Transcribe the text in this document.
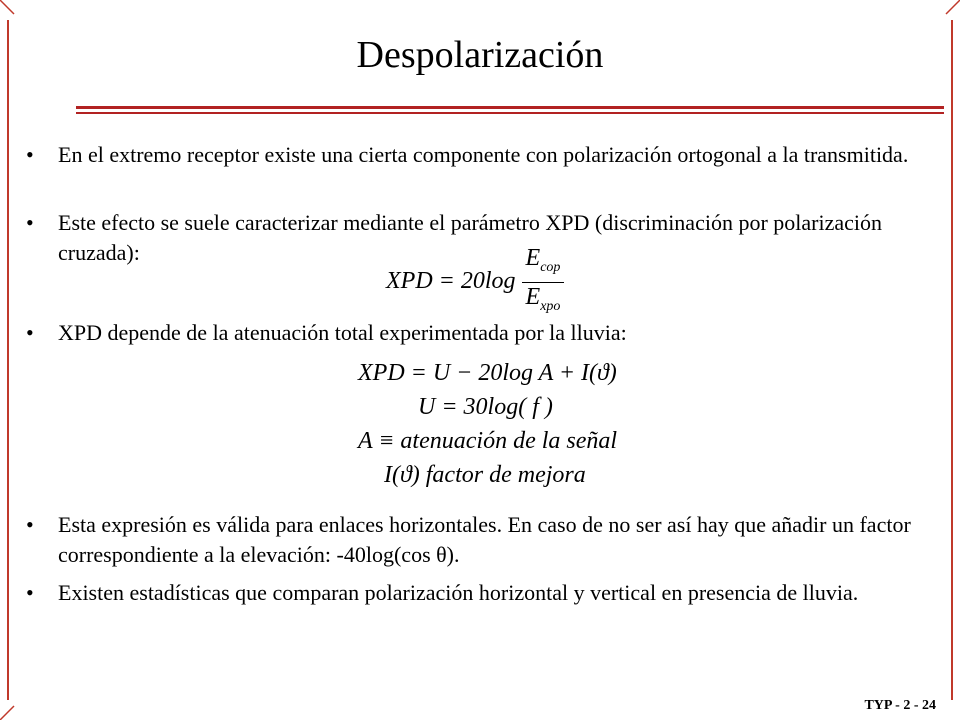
Despolarización
• En el extremo receptor existe una cierta componente con polarización ortogonal a la transmitida.
• Este efecto se suele caracterizar mediante el parámetro XPD (discriminación por polarización cruzada):
XPD = $20\log \frac{E_{cop}}{E_{xpo}}$
• XPD depende de la atenuación total experimentada por la lluvia:
XPD = U − 20log A + I(ϑ)
U = 30log( f )
A ≡ atenuación de la señal
I(ϑ) factor de mejora
• Esta expresión es válida para enlaces horizontales. En caso de no ser así hay que añadir un factor correspondiente a la elevación: -40log(cos θ).
• Existen estadísticas que comparan polarización horizontal y vertical en presencia de lluvia.
TYP - 2 - 24
